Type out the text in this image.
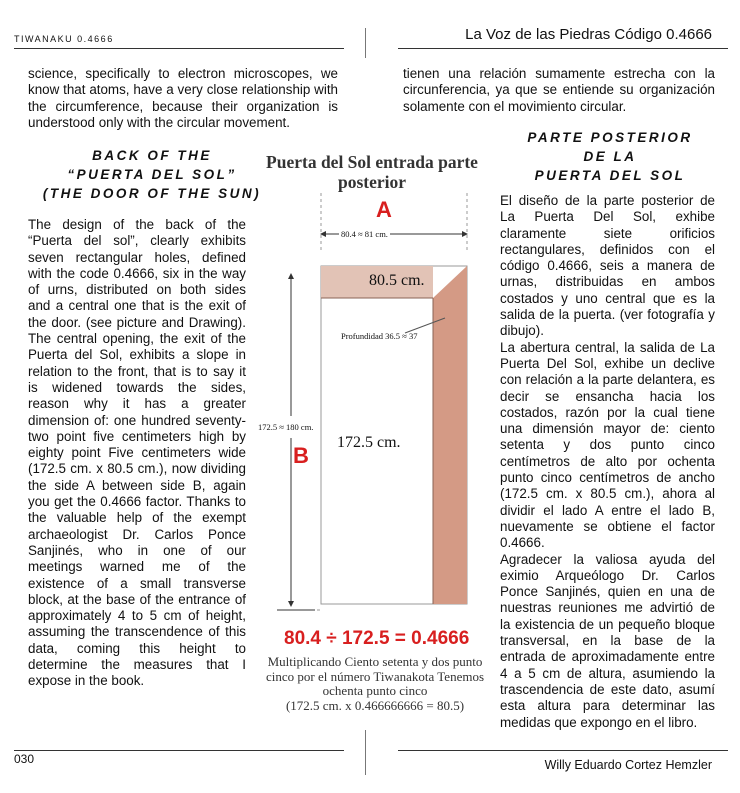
TIWANAKU 0.4666	La Voz de las Piedras Código 0.4666

science, specifically to electron microscopes, we know that atoms, have a very close relationship with the circumference, because their organization is understood only with the circular movement.

BACK OF THE
“PUERTA DEL SOL”
(THE DOOR OF THE SUN)

The design of the back of the “Puerta del sol”, clearly exhibits seven rectangular holes, defined with the code 0.4666, six in the way of urns, distributed on both sides and a central one that is the exit of the door. (see picture and Drawing). The central opening, the exit of the Puerta del Sol, exhibits a slope in relation to the front, that is to say it is widened towards the sides, reason why it has a greater dimension of: one hundred seventy-two point five centimeters high by eighty point Five centimeters wide (172.5 cm. x 80.5 cm.), now dividing the side A between side B, again you get the 0.4666 factor. Thanks to the valuable help of the exempt archaeologist Dr. Carlos Ponce Sanjinés, who in one of our meetings warned me of the existence of a small transverse block, at the base of the entrance of approximately 4 to 5 cm of height, assuming the transcendence of this data, coming this height to determine the measures that I expose in the book.

Puerta del Sol entrada parte posterior
A
80.4 ≈ 81 cm.
80.5 cm.
Profundidad 36.5 ≈ 37
172.5 ≈ 180 cm.
B
172.5 cm.
80.4 ÷ 172.5 = 0.4666
Multiplicando Ciento setenta y dos punto cinco por el número Tiwanakota Tenemos ochenta punto cinco
(172.5 cm. x 0.466666666 = 80.5)

tienen una relación sumamente estrecha con la circunferencia, ya que se entiende su organización solamente con el movimiento circular.

PARTE POSTERIOR
DE LA
PUERTA DEL SOL

El diseño de la parte posterior de La Puerta Del Sol, exhibe claramente siete orificios rectangulares, definidos con el código 0.4666, seis a manera de urnas, distribuidas en ambos costados y uno central que es la salida de la puerta. (ver fotografía y dibujo).

La abertura central, la salida de La Puerta Del Sol, exhibe un declive con relación a la parte delantera, es decir se ensancha hacia los costados, razón por la cual tiene una dimensión mayor de: ciento setenta y dos punto cinco centímetros de alto por ochenta punto cinco centímetros de ancho (172.5 cm. x 80.5 cm.), ahora al dividir el lado A entre el lado B, nuevamente se obtiene el factor 0.4666.

Agradecer la valiosa ayuda del eximio Arqueólogo Dr. Carlos Ponce Sanjinés, quien en una de nuestras reuniones me advirtió de la existencia de un pequeño bloque transversal, en la base de la entrada de aproximadamente entre 4 a 5 cm de altura, asumiendo la trascendencia de este dato, asumí esta altura para determinar las medidas que expongo en el libro.

030	Willy Eduardo Cortez Hemzler
